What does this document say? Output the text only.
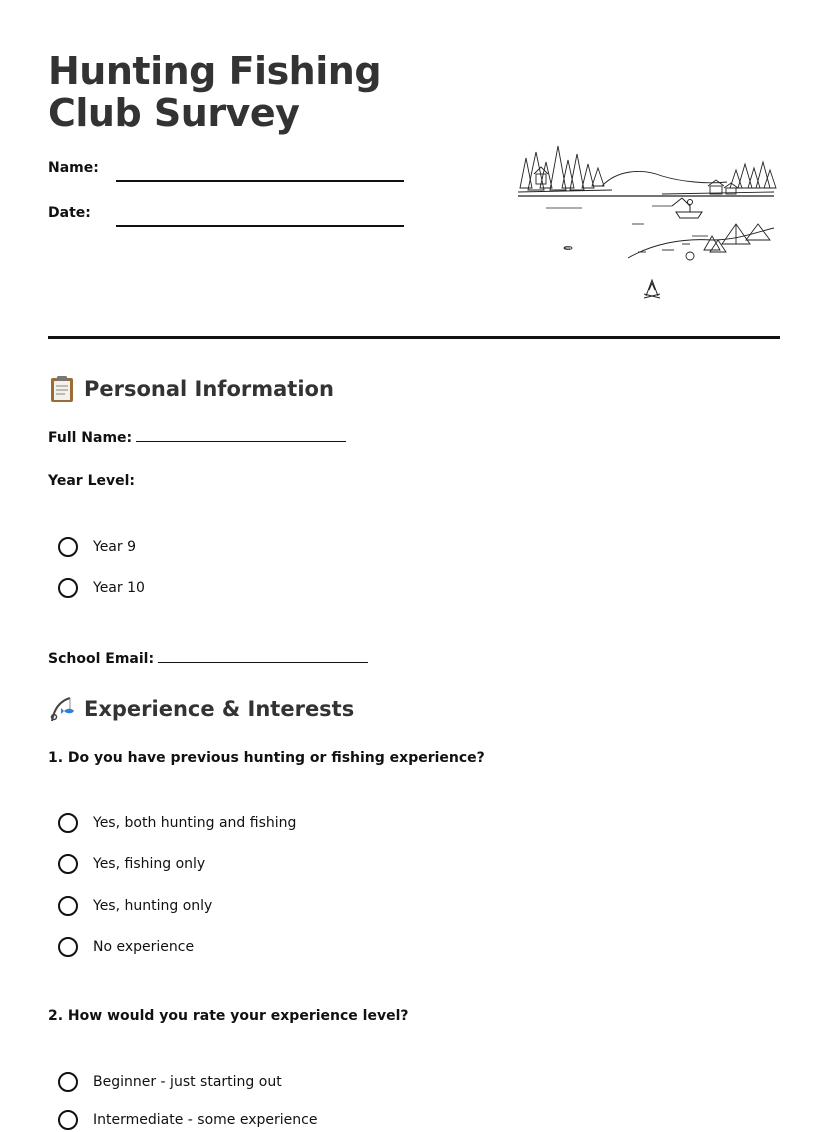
Hunting Fishing Club Survey
Name:
Date:
Personal Information
Full Name:
Year Level:
Year 9
Year 10
School Email:
Experience & Interests
1. Do you have previous hunting or fishing experience?
Yes, both hunting and fishing
Yes, fishing only
Yes, hunting only
No experience
2. How would you rate your experience level?
Beginner - just starting out
Intermediate - some experience
